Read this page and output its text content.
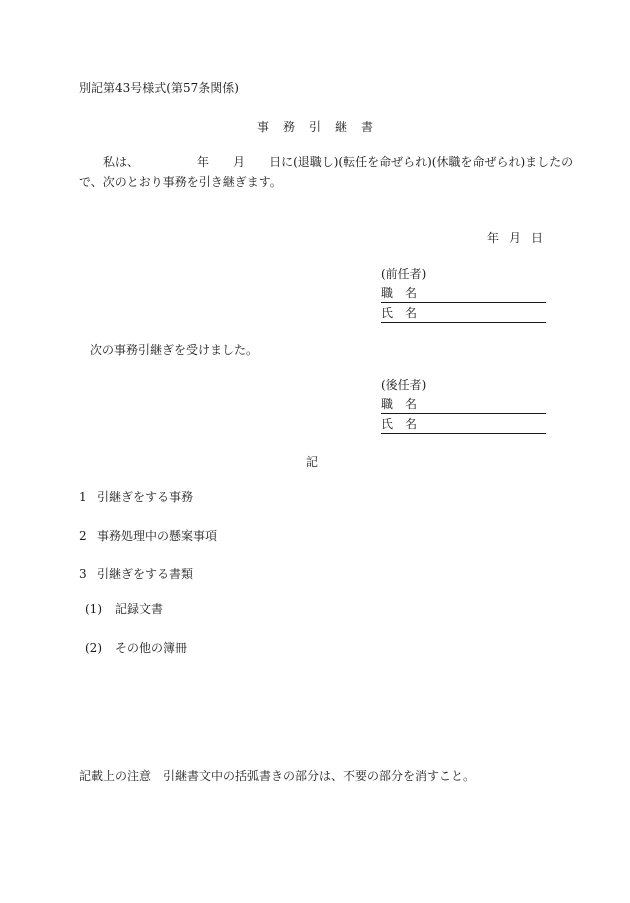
別記第43号様式(第57条関係)
事務引継書
　　私は、	年 月 日に(退職し)(転任を命ぜられ)(休職を命ぜられ)ましたの
で、次のとおり事務を引き継ぎます。
年 月 日
(前任者)
職名
氏名
次の事務引継ぎを受けました。
(後任者)
職名
氏名
記
1 引継ぎをする事務
2 事務処理中の懸案事項
3 引継ぎをする書類
(1) 記録文書
(2) その他の簿冊
記載上の注意 引継書文中の括弧書きの部分は、不要の部分を消すこと。
